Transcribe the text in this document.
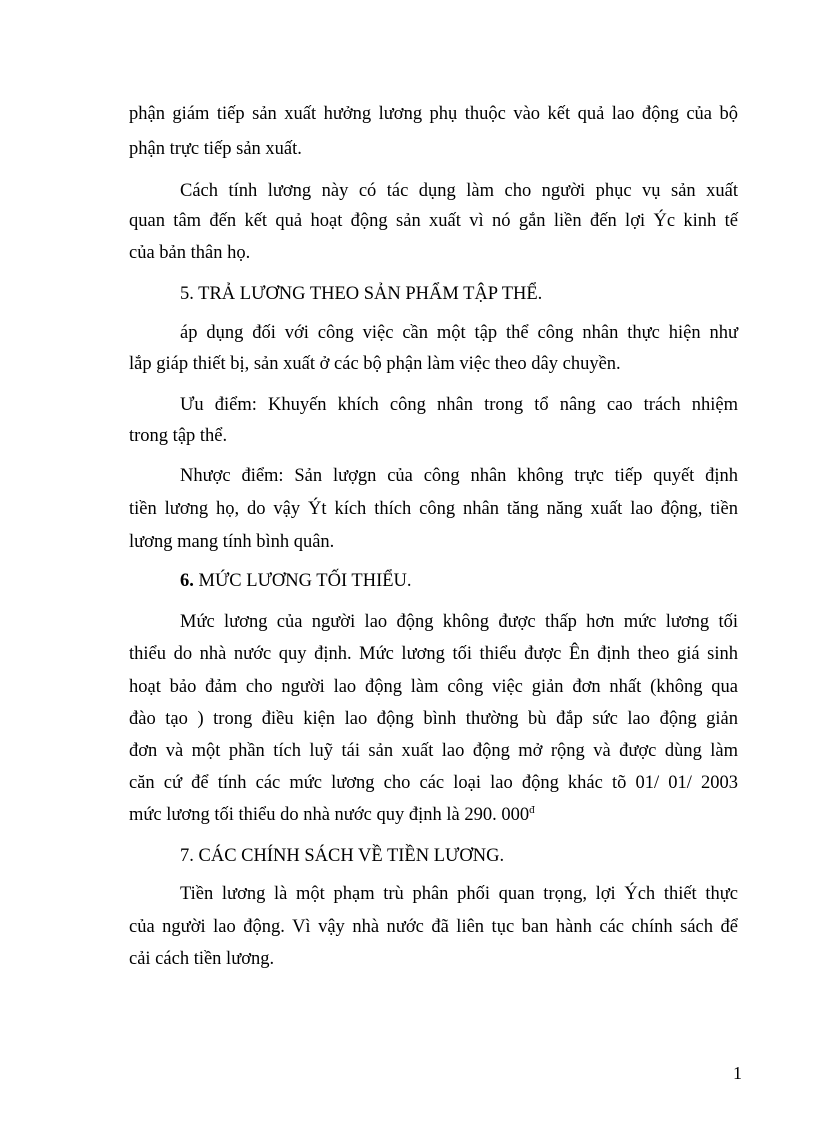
phận giám tiếp sản xuất hưởng lương phụ thuộc vào kết quả lao động của bộ
phận trực tiếp sản xuất.
Cách tính lương này có tác dụng làm cho người phục vụ sản xuất
quan tâm đến kết quả hoạt động sản xuất vì nó gắn liền đến lợi Ýc kinh tế
của bản thân họ.
5. TRẢ LƯƠNG THEO SẢN PHẨM TẬP THỂ.
áp dụng đối với công việc cần một tập thể công nhân thực hiện như
lắp giáp thiết bị, sản xuất ở các bộ phận làm việc theo dây chuyền.
Ưu điểm: Khuyến khích công nhân trong tổ nâng cao trách nhiệm
trong tập thể.
Nhược điểm: Sản lượgn của công nhân không trực tiếp quyết định
tiền lương họ, do vậy Ýt kích thích công nhân tăng năng xuất lao động, tiền
lương mang tính bình quân.
6. MỨC LƯƠNG TỐI THIỂU.
Mức lương của người lao động không được thấp hơn mức lương tối
thiểu do nhà nước quy định. Mức lương tối thiểu được Ên định theo giá sinh
hoạt bảo đảm cho người lao động làm công việc giản đơn nhất (không qua
đào tạo ) trong điều kiện lao động bình thường bù đắp sức lao động giản
đơn và một phần tích luỹ tái sản xuất lao động mở rộng và được dùng làm
căn cứ để tính các mức lương cho các loại lao động khác tõ 01/ 01/ 2003
mức lương tối thiểu do nhà nước quy định là 290. $000^đ$
7. CÁC CHÍNH SÁCH VỀ TIỀN LƯƠNG.
Tiền lương là một phạm trù phân phối quan trọng, lợi Ých thiết thực
của người lao động. Vì vậy nhà nước đã liên tục ban hành các chính sách để
cải cách tiền lương.
1
